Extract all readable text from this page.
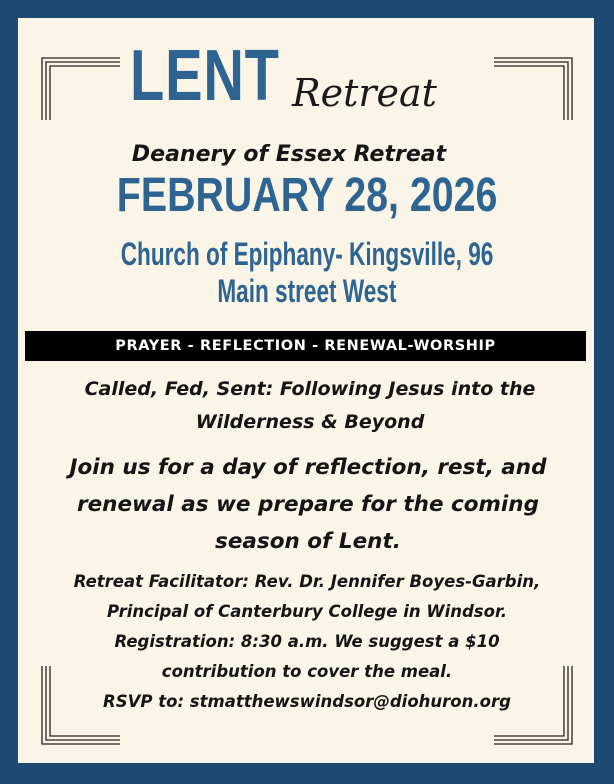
LENT Retreat
Deanery of Essex Retreat
FEBRUARY 28, 2026
Church of Epiphany- Kingsville, 96 Main street West
PRAYER - REFLECTION - RENEWAL-WORSHIP
Called, Fed, Sent: Following Jesus into the
Wilderness & Beyond
Join us for a day of reflection, rest, and
renewal as we prepare for the coming
season of Lent.
Retreat Facilitator: Rev. Dr. Jennifer Boyes-Garbin,
Principal of Canterbury College in Windsor.
Registration: 8:30 a.m. We suggest a $10
contribution to cover the meal.
RSVP to: stmatthewswindsor@diohuron.org
